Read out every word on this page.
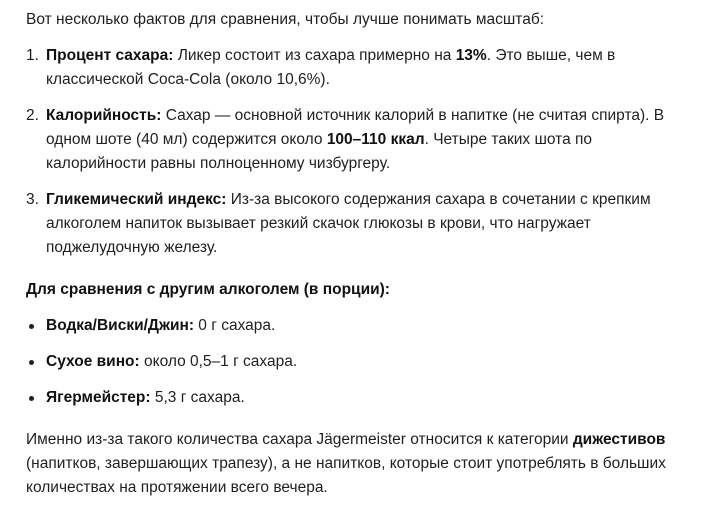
Вот несколько фактов для сравнения, чтобы лучше понимать масштаб:

1. Процент сахара: Ликер состоит из сахара примерно на 13%. Это выше, чем в классической Coca-Cola (около 10,6%).
2. Калорийность: Сахар — основной источник калорий в напитке (не считая спирта). В одном шоте (40 мл) содержится около 100–110 ккал. Четыре таких шота по калорийности равны полноценному чизбургеру.
3. Гликемический индекс: Из-за высокого содержания сахара в сочетании с крепким алкоголем напиток вызывает резкий скачок глюкозы в крови, что нагружает поджелудочную железу.

Для сравнения с другим алкоголем (в порции):

Водка/Виски/Джин: 0 г сахара.
Сухое вино: около 0,5–1 г сахара.
Ягермейстер: 5,3 г сахара.

Именно из-за такого количества сахара Jägermeister относится к категории дижестивов (напитков, завершающих трапезу), а не напитков, которые стоит употреблять в больших количествах на протяжении всего вечера.
